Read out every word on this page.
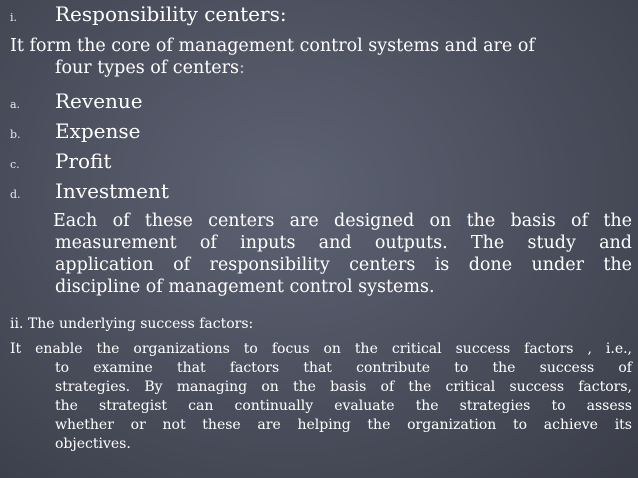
i. Responsibility centers:
It form the core of management control systems and are of
four types of centers:
a. Revenue
b. Expense
c. Profit
d. Investment
Each of these centers are designed on the basis of the
measurement of inputs and outputs. The study and
application of responsibility centers is done under the
discipline of management control systems.
ii. The underlying success factors:
It enable the organizations to focus on the critical success factors , i.e.,
to examine that factors that contribute to the success of
strategies. By managing on the basis of the critical success factors,
the strategist can continually evaluate the strategies to assess
whether or not these are helping the organization to achieve its
objectives.
